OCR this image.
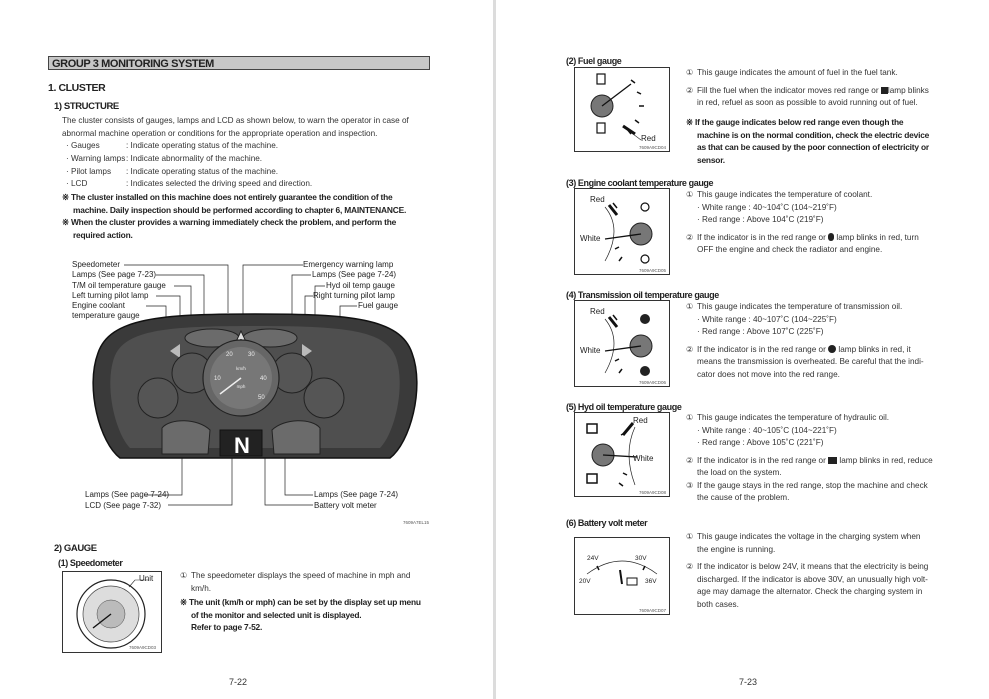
GROUP 3 MONITORING SYSTEM
1. CLUSTER
1) STRUCTURE
The cluster consists of gauges, lamps and LCD as shown below, to warn the operator in case of
abnormal machine operation or conditions for the appropriate operation and inspection.
· Gauges	: Indicate operating status of the machine.
· Warning lamps : Indicate abnormality of the machine.
· Pilot lamps	: Indicate operating status of the machine.
· LCD	: Indicates selected the driving speed and direction.
※ The cluster installed on this machine does not entirely guarantee the condition of the
machine. Daily inspection should be performed according to chapter 6, MAINTENANCE.
※ When the cluster provides a warning immediately check the problem, and perform the
required action.
Speedometer
Lamps (See page 7-23)
T/M oil temperature gauge
Left turning pilot lamp
Engine coolant
temperature gauge
Emergency warning lamp
Lamps (See page 7-24)
Hyd oil temp gauge
Right turning pilot lamp
Fuel gauge
Lamps (See page 7-24)
LCD (See page 7-32)
Lamps (See page 7-24)
Battery volt meter
km/h
mph
10
20	30
40
50
N
7609A7EL15
2) GAUGE
(1) Speedometer
Unit
7609A9CD03
① The speedometer displays the speed of machine in mph and
km/h.
※ The unit (km/h or mph) can be set by the display set up menu
of the monitor and selected unit is displayed.
Refer to page 7-52.
7-22
(2) Fuel gauge
Red
7609A9CD04
① This gauge indicates the amount of fuel in the fuel tank.
② Fill the fuel when the indicator moves red range or lamp blinks
in red, refuel as soon as possible to avoid running out of fuel.
※ If the gauge indicates below red range even though the
machine is on the normal condition, check the electric device
as that can be caused by the poor connection of electricity or
sensor.
(3) Engine coolant temperature gauge
Red
White
7609A9CD05
① This gauge indicates the temperature of coolant.
· White range : 40~104˚C (104~219˚F)
· Red range : Above 104˚C (219˚F)
② If the indicator is in the red range or lamp blinks in red, turn
OFF the engine and check the radiator and engine.
(4) Transmission oil temperature gauge
Red
White
7609A9CD06
① This gauge indicates the temperature of transmission oil.
· White range : 40~107˚C (104~225˚F)
· Red range : Above 107˚C (225˚F)
② If the indicator is in the red range or lamp blinks in red, it
means the transmission is overheated. Be careful that the indi-
cator does not move into the red range.
(5) Hyd oil temperature gauge
Red
White
7609A9CD08
① This gauge indicates the temperature of hydraulic oil.
· White range : 40~105˚C (104~221˚F)
· Red range : Above 105˚C (221˚F)
② If the indicator is in the red range or lamp blinks in red, reduce
the load on the system.
③ If the gauge stays in the red range, stop the machine and check
the cause of the problem.
(6) Battery volt meter
24V	30V
20V	36V
7609A9CD07
① This gauge indicates the voltage in the charging system when
the engine is running.
② If the indicator is below 24V, it means that the electricity is being
discharged. If the indicator is above 30V, an unusually high volt-
age may damage the alternator. Check the charging system in
both cases.
7-23
